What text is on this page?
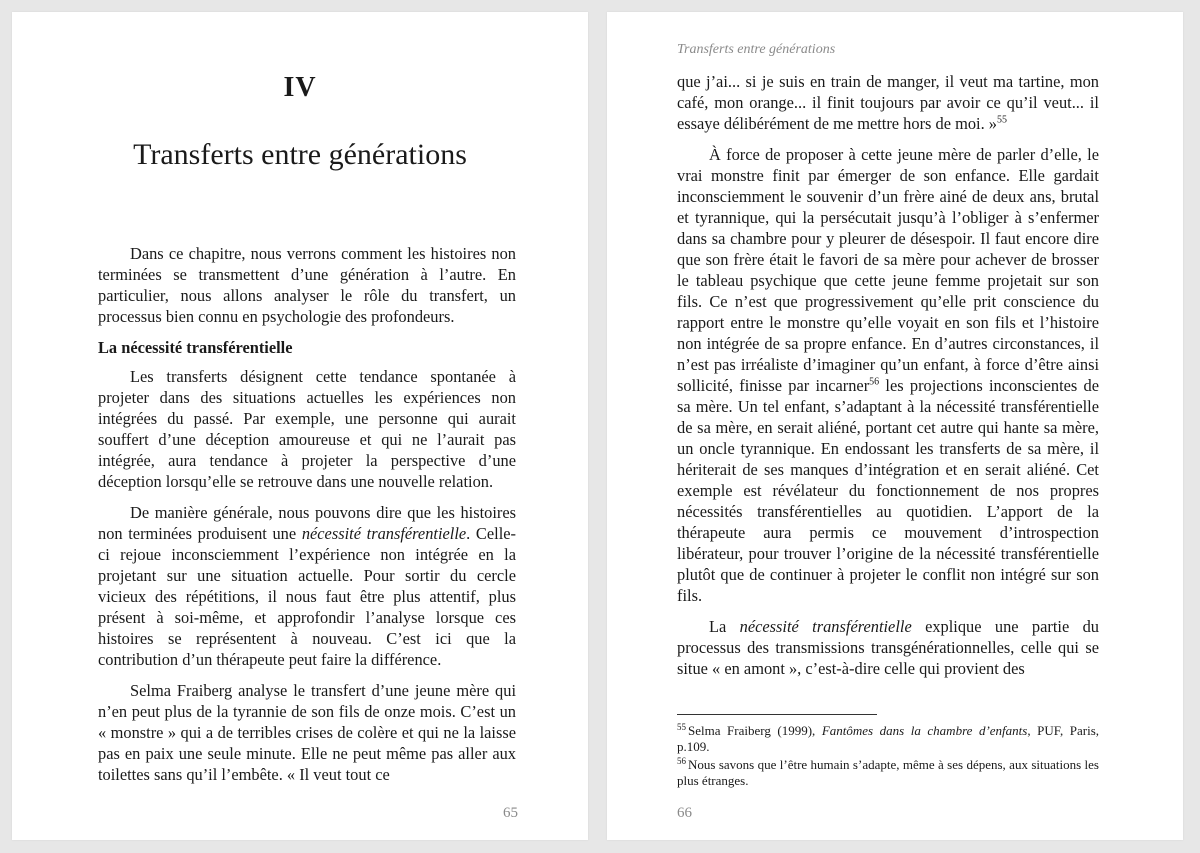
IV
Transferts entre générations

Dans ce chapitre, nous verrons comment les histoires non terminées se transmettent d’une génération à l’autre. En particulier, nous allons analyser le rôle du transfert, un processus bien connu en psychologie des profondeurs.

La nécessité transférentielle

Les transferts désignent cette tendance spontanée à projeter dans des situations actuelles les expériences non intégrées du passé. Par exemple, une personne qui aurait souffert d’une déception amoureuse et qui ne l’aurait pas intégrée, aura tendance à projeter la perspective d’une déception lorsqu’elle se retrouve dans une nouvelle relation.

De manière générale, nous pouvons dire que les histoires non terminées produisent une nécessité transférentielle. Celle-ci rejoue inconsciemment l’expérience non intégrée en la projetant sur une situation actuelle. Pour sortir du cercle vicieux des répétitions, il nous faut être plus attentif, plus présent à soi-même, et approfondir l’analyse lorsque ces histoires se représentent à nouveau. C’est ici que la contribution d’un thérapeute peut faire la différence.

Selma Fraiberg analyse le transfert d’une jeune mère qui n’en peut plus de la tyrannie de son fils de onze mois. C’est un « monstre » qui a de terribles crises de colère et qui ne la laisse pas en paix une seule minute. Elle ne peut même pas aller aux toilettes sans qu’il l’embête. « Il veut tout ce

65
Transferts entre générations

que j’ai... si je suis en train de manger, il veut ma tartine, mon café, mon orange... il finit toujours par avoir ce qu’il veut... il essaye délibérément de me mettre hors de moi. »$^{55}$

À force de proposer à cette jeune mère de parler d’elle, le vrai monstre finit par émerger de son enfance. Elle gardait inconsciemment le souvenir d’un frère ainé de deux ans, brutal et tyrannique, qui la persécutait jusqu’à l’obliger à s’enfermer dans sa chambre pour y pleurer de désespoir. Il faut encore dire que son frère était le favori de sa mère pour achever de brosser le tableau psychique que cette jeune femme projetait sur son fils. Ce n’est que progressivement qu’elle prit conscience du rapport entre le monstre qu’elle voyait en son fils et l’histoire non intégrée de sa propre enfance. En d’autres circonstances, il n’est pas irréaliste d’imaginer qu’un enfant, à force d’être ainsi sollicité, finisse par incarner$^{56}$ les projections inconscientes de sa mère. Un tel enfant, s’adaptant à la nécessité transférentielle de sa mère, en serait aliéné, portant cet autre qui hante sa mère, un oncle tyrannique. En endossant les transferts de sa mère, il hériterait de ses manques d’intégration et en serait aliéné. Cet exemple est révélateur du fonctionnement de nos propres nécessités transférentielles au quotidien. L’apport de la thérapeute aura permis ce mouvement d’introspection libérateur, pour trouver l’origine de la nécessité transférentielle plutôt que de continuer à projeter le conflit non intégré sur son fils.

La nécessité transférentielle explique une partie du processus des transmissions transgénérationnelles, celle qui se situe « en amont », c’est-à-dire celle qui provient des

$^{55}$ Selma Fraiberg (1999), Fantômes dans la chambre d’enfants, PUF, Paris, p.109.
$^{56}$ Nous savons que l’être humain s’adapte, même à ses dépens, aux situations les plus étranges.
66
